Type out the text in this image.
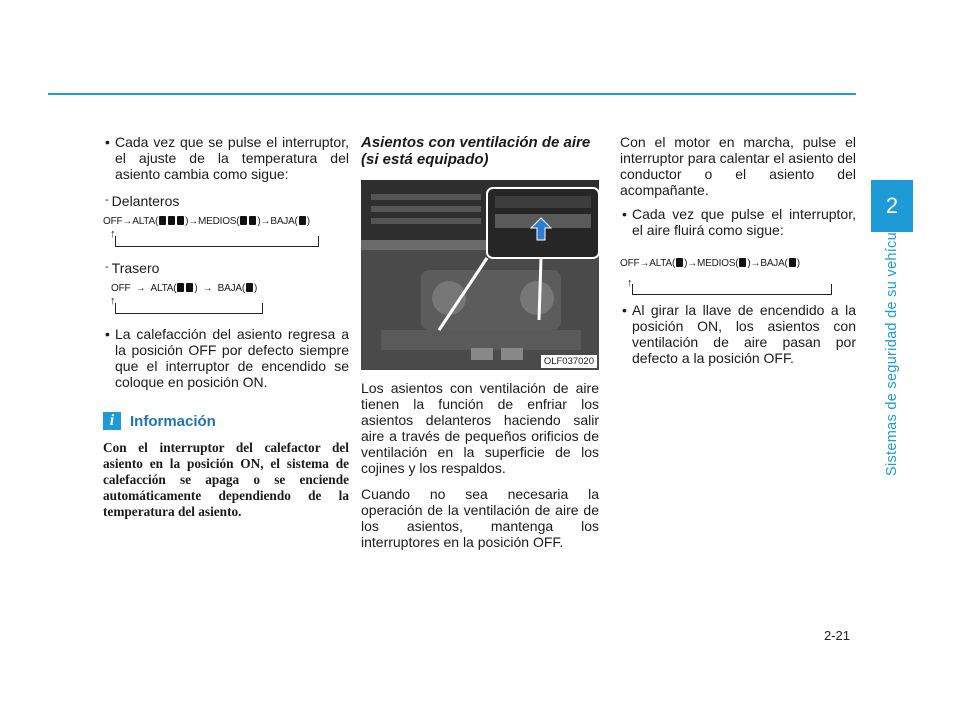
2
Sistemas de seguridad de su vehículo

• Cada vez que se pulse el interruptor, el ajuste de la temperatura del asiento cambia como sigue:

- Delanteros

OFF→ALTA(	)→MEDIOS( )→BAJA( )
↑

- Trasero

OFF  →  ALTA( )  →  BAJA( )
↑

• La calefacción del asiento regresa a la posición OFF por defecto siempre que el interruptor de encendido se coloque en posición ON.

i	Información

Con el interruptor del calefactor del asiento en la posición ON, el sistema de calefacción se apaga o se enciende automáticamente dependiendo de la temperatura del asiento.

Asientos con ventilación de aire (si está equipado)

OLF037020

Los asientos con ventilación de aire tienen la función de enfriar los asientos delanteros haciendo salir aire a través de pequeños orificios de ventilación en la superficie de los cojines y los respaldos.

Cuando no sea necesaria la operación de la ventilación de aire de los asientos, mantenga los interruptores en la posición OFF.

Con el motor en marcha, pulse el interruptor para calentar el asiento del conductor o el asiento del acompañante.

• Cada vez que pulse el interruptor, el aire fluirá como sigue:

OFF→ALTA( )→MEDIOS( )→BAJA( )
↑

• Al girar la llave de encendido a la posición ON, los asientos con ventilación de aire pasan por defecto a la posición OFF.

2-21
